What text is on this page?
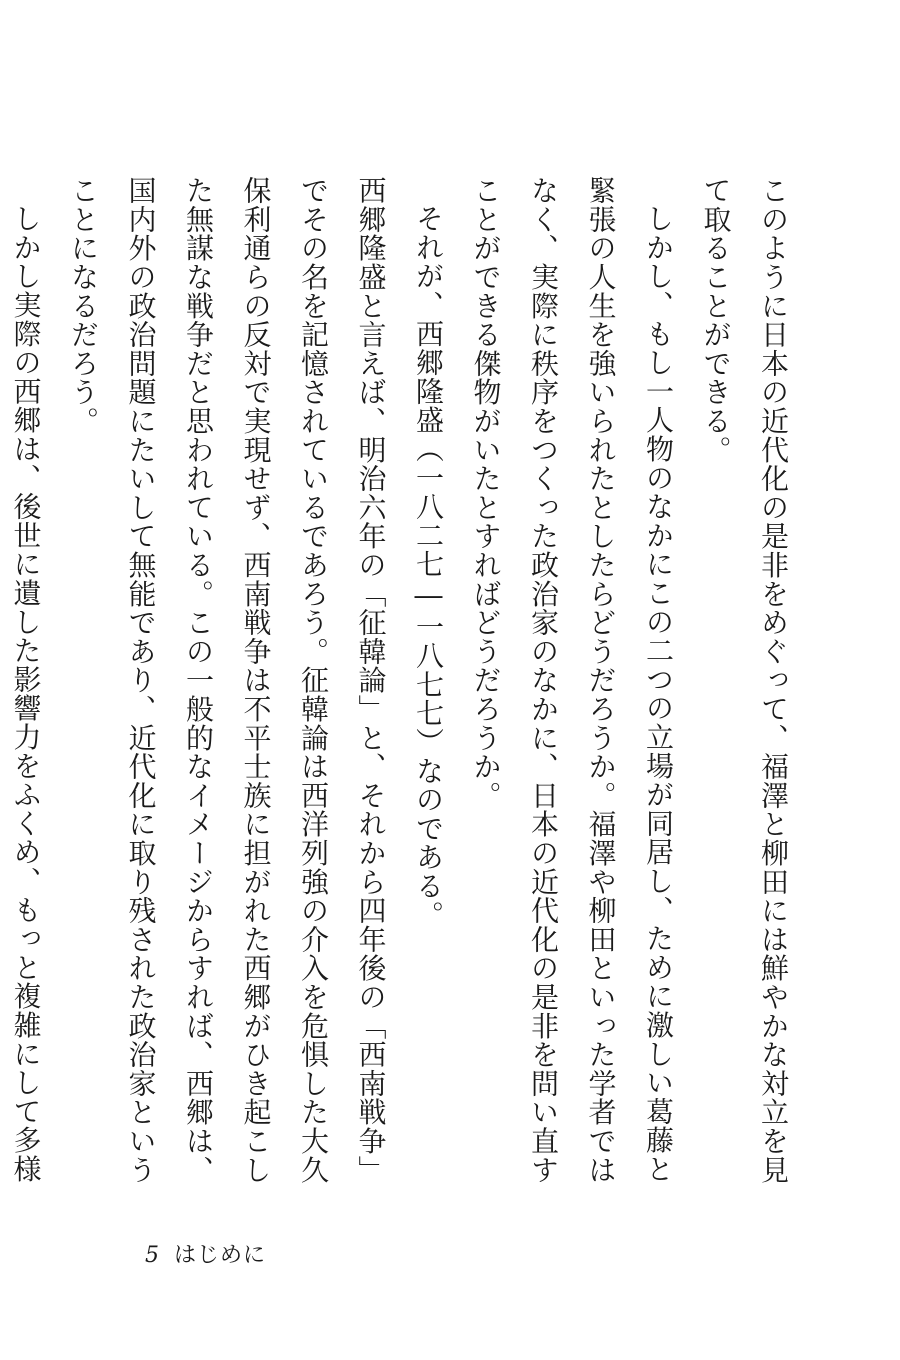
このように日本の近代化の是非をめぐって、福澤と柳田には鮮やかな対立を見て取ることができる。

しかし、もし一人物のなかにこの二つの立場が同居し、ために激しい葛藤と緊張の人生を強いられたとしたらどうだろうか。福澤や柳田といった学者ではなく、実際に秩序をつくった政治家のなかに、日本の近代化の是非を問い直すことができる傑物がいたとすればどうだろうか。

それが、西郷隆盛（一八二七―一八七七）なのである。

西郷隆盛と言えば、明治六年の「征韓論」と、それから四年後の「西南戦争」でその名を記憶されているであろう。征韓論は西洋列強の介入を危惧した大久保利通らの反対で実現せず、西南戦争は不平士族に担がれた西郷がひき起こした無謀な戦争だと思われている。この一般的なイメージからすれば、西郷は、国内外の政治問題にたいして無能であり、近代化に取り残された政治家ということになるだろう。

しかし実際の西郷は、後世に遺した影響力をふくめ、もっと複雑にして多様

5 はじめに
